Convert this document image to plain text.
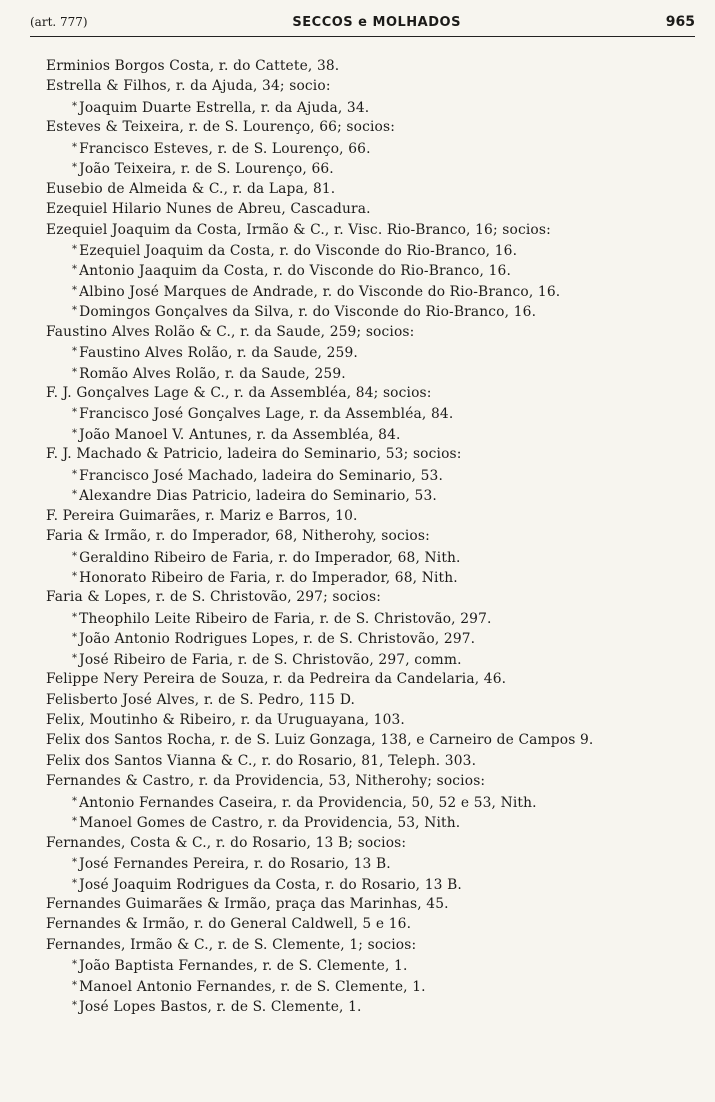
(art. 777)	SECCOS e MOLHADOS	965
Erminios Borgos Costa, r. do Cattete, 38.
Estrella & Filhos, r. da Ajuda, 34; socio:
* Joaquim Duarte Estrella, r. da Ajuda, 34.
Esteves & Teixeira, r. de S. Lourenço, 66; socios:
* Francisco Esteves, r. de S. Lourenço, 66.
* João Teixeira, r. de S. Lourenço, 66.
Eusebio de Almeida & C., r. da Lapa, 81.
Ezequiel Hilario Nunes de Abreu, Cascadura.
Ezequiel Joaquim da Costa, Irmão & C., r. Visc. Rio-Branco, 16; socios:
* Ezequiel Joaquim da Costa, r. do Visconde do Rio-Branco, 16.
* Antonio Jaaquim da Costa, r. do Visconde do Rio-Branco, 16.
* Albino José Marques de Andrade, r. do Visconde do Rio-Branco, 16.
* Domingos Gonçalves da Silva, r. do Visconde do Rio-Branco, 16.
Faustino Alves Rolão & C., r. da Saude, 259; socios:
* Faustino Alves Rolão, r. da Saude, 259.
* Romão Alves Rolão, r. da Saude, 259.
F. J. Gonçalves Lage & C., r. da Assembléa, 84; socios:
* Francisco José Gonçalves Lage, r. da Assembléa, 84.
* João Manoel V. Antunes, r. da Assembléa, 84.
F. J. Machado & Patricio, ladeira do Seminario, 53; socios:
* Francisco José Machado, ladeira do Seminario, 53.
* Alexandre Dias Patricio, ladeira do Seminario, 53.
F. Pereira Guimarães, r. Mariz e Barros, 10.
Faria & Irmão, r. do Imperador, 68, Nitherohy, socios:
* Geraldino Ribeiro de Faria, r. do Imperador, 68, Nith.
* Honorato Ribeiro de Faria, r. do Imperador, 68, Nith.
Faria & Lopes, r. de S. Christovão, 297; socios:
* Theophilo Leite Ribeiro de Faria, r. de S. Christovão, 297.
* João Antonio Rodrigues Lopes, r. de S. Christovão, 297.
* José Ribeiro de Faria, r. de S. Christovão, 297, comm.
Felippe Nery Pereira de Souza, r. da Pedreira da Candelaria, 46.
Felisberto José Alves, r. de S. Pedro, 115 D.
Felix, Moutinho & Ribeiro, r. da Uruguayana, 103.
Felix dos Santos Rocha, r. de S. Luiz Gonzaga, 138, e Carneiro de Campos 9.
Felix dos Santos Vianna & C., r. do Rosario, 81, Teleph. 303.
Fernandes & Castro, r. da Providencia, 53, Nitherohy; socios:
* Antonio Fernandes Caseira, r. da Providencia, 50, 52 e 53, Nith.
* Manoel Gomes de Castro, r. da Providencia, 53, Nith.
Fernandes, Costa & C., r. do Rosario, 13 B; socios:
* José Fernandes Pereira, r. do Rosario, 13 B.
* José Joaquim Rodrigues da Costa, r. do Rosario, 13 B.
Fernandes Guimarães & Irmão, praça das Marinhas, 45.
Fernandes & Irmão, r. do General Caldwell, 5 e 16.
Fernandes, Irmão & C., r. de S. Clemente, 1; socios:
* João Baptista Fernandes, r. de S. Clemente, 1.
* Manoel Antonio Fernandes, r. de S. Clemente, 1.
* José Lopes Bastos, r. de S. Clemente, 1.
